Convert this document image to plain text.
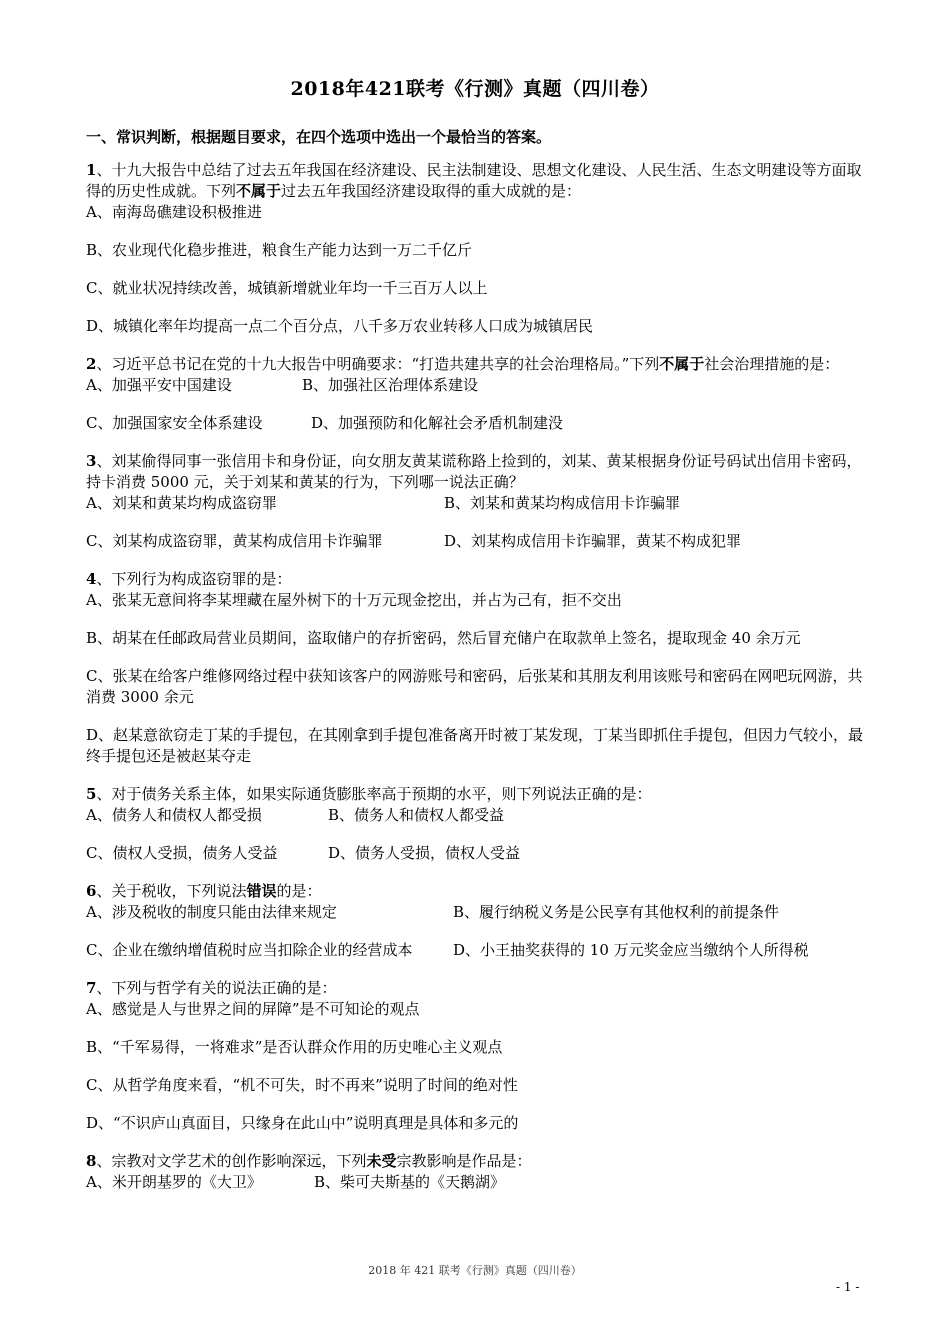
2018年421联考《行测》真题（四川卷）
一、常识判断，根据题目要求，在四个选项中选出一个最恰当的答案。

1、十九大报告中总结了过去五年我国在经济建设、民主法制建设、思想文化建设、人民生活、生态文明建设等方面取得的历史性成就。下列不属于过去五年我国经济建设取得的重大成就的是：

A、南海岛礁建设积极推进

B、农业现代化稳步推进，粮食生产能力达到一万二千亿斤

C、就业状况持续改善，城镇新增就业年均一千三百万人以上

D、城镇化率年均提高一点二个百分点，八千多万农业转移人口成为城镇居民

2、习近平总书记在党的十九大报告中明确要求：“打造共建共享的社会治理格局。”下列不属于社会治理措施的是：

A、加强平安中国建设	B、加强社区治理体系建设
C、加强国家安全体系建设	D、加强预防和化解社会矛盾机制建没

3、刘某偷得同事一张信用卡和身份证，向女朋友黄某谎称路上捡到的，刘某、黄某根据身份证号码试出信用卡密码，持卡消费 5000 元，关于刘某和黄某的行为，下列哪一说法正确？

A、刘某和黄某均构成盗窃罪	B、刘某和黄某均构成信用卡诈骗罪
C、刘某构成盗窃罪，黄某构成信用卡诈骗罪	D、刘某构成信用卡诈骗罪，黄某不构成犯罪

4、下列行为构成盗窃罪的是：

A、张某无意间将李某埋藏在屋外树下的十万元现金挖出，并占为己有，拒不交出

B、胡某在任邮政局营业员期间，盗取储户的存折密码，然后冒充储户在取款单上签名，提取现金 40 余万元

C、张某在给客户维修网络过程中获知该客户的网游账号和密码，后张某和其朋友利用该账号和密码在网吧玩网游，共消费 3000 余元

D、赵某意欲窃走丁某的手提包，在其刚拿到手提包准备离开时被丁某发现，丁某当即抓住手提包，但因力气较小，最终手提包还是被赵某夺走

5、对于债务关系主体，如果实际通货膨胀率高于预期的水平，则下列说法正确的是：

A、债务人和债权人都受损	B、债务人和债权人都受益
C、债权人受损，债务人受益	D、债务人受损，债权人受益

6、关于税收，下列说法错误的是：

A、涉及税收的制度只能由法律来规定	B、履行纳税义务是公民享有其他权利的前提条件
C、企业在缴纳增值税时应当扣除企业的经营成本	D、小王抽奖获得的 10 万元奖金应当缴纳个人所得税

7、下列与哲学有关的说法正确的是：

A、感觉是人与世界之间的屏障”是不可知论的观点

B、“千军易得，一将难求”是否认群众作用的历史唯心主义观点

C、从哲学角度来看，“机不可失，时不再来”说明了时间的绝对性

D、“不识庐山真面目，只缘身在此山中”说明真理是具体和多元的

8、宗教对文学艺术的创作影响深远，下列未受宗教影响是作品是：

A、米开朗基罗的《大卫》	B、柴可夫斯基的《天鹅湖》
2018 年 421 联考《行测》真题（四川卷）
- 1 -
